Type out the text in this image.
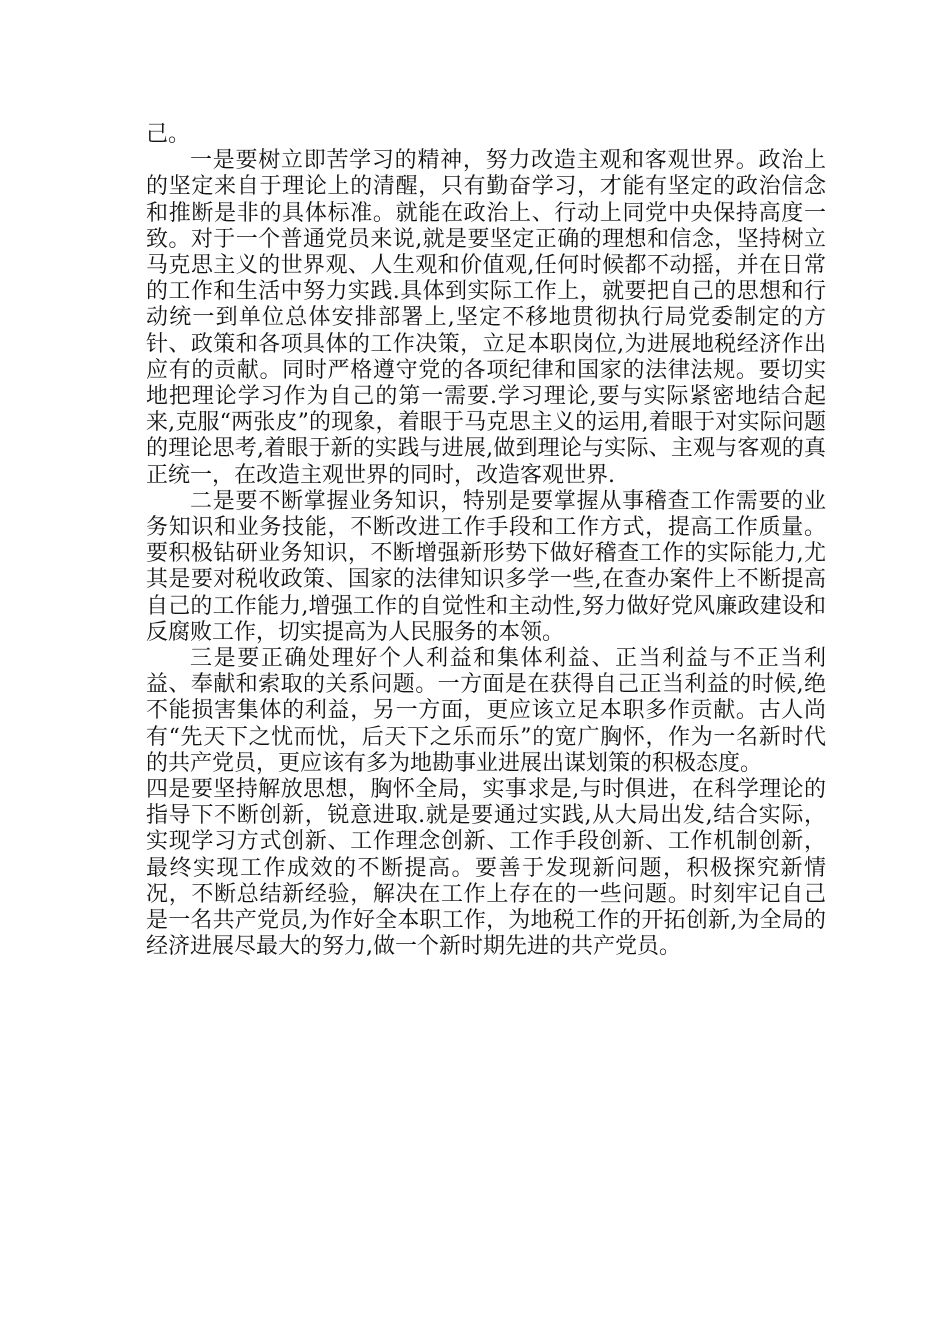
己。

一是要树立即苦学习的精神，努力改造主观和客观世界。政治上的坚定来自于理论上的清醒，只有勤奋学习，才能有坚定的政治信念和推断是非的具体标准。就能在政治上、行动上同党中央保持高度一致。对于一个普通党员来说,就是要坚定正确的理想和信念，坚持树立马克思主义的世界观、人生观和价值观,任何时候都不动摇，并在日常的工作和生活中努力实践.具体到实际工作上，就要把自己的思想和行动统一到单位总体安排部署上,坚定不移地贯彻执行局党委制定的方针、政策和各项具体的工作决策，立足本职岗位,为进展地税经济作出应有的贡献。同时严格遵守党的各项纪律和国家的法律法规。要切实地把理论学习作为自己的第一需要.学习理论,要与实际紧密地结合起来,克服“两张皮”的现象，着眼于马克思主义的运用,着眼于对实际问题的理论思考,着眼于新的实践与进展,做到理论与实际、主观与客观的真正统一，在改造主观世界的同时，改造客观世界.

二是要不断掌握业务知识，特别是要掌握从事稽查工作需要的业务知识和业务技能，不断改进工作手段和工作方式，提高工作质量。要积极钻研业务知识，不断增强新形势下做好稽查工作的实际能力,尤其是要对税收政策、国家的法律知识多学一些,在查办案件上不断提高自己的工作能力,增强工作的自觉性和主动性,努力做好党风廉政建设和反腐败工作，切实提高为人民服务的本领。

三是要正确处理好个人利益和集体利益、正当利益与不正当利益、奉献和索取的关系问题。一方面是在获得自己正当利益的时候,绝不能损害集体的利益，另一方面，更应该立足本职多作贡献。古人尚有“先天下之忧而忧，后天下之乐而乐”的宽广胸怀，作为一名新时代的共产党员，更应该有多为地勘事业进展出谋划策的积极态度。

四是要坚持解放思想，胸怀全局，实事求是,与时俱进，在科学理论的指导下不断创新，锐意进取.就是要通过实践,从大局出发,结合实际，实现学习方式创新、工作理念创新、工作手段创新、工作机制创新，最终实现工作成效的不断提高。要善于发现新问题，积极探究新情况，不断总结新经验，解决在工作上存在的一些问题。时刻牢记自己是一名共产党员,为作好全本职工作，为地税工作的开拓创新,为全局的经济进展尽最大的努力,做一个新时期先进的共产党员。
